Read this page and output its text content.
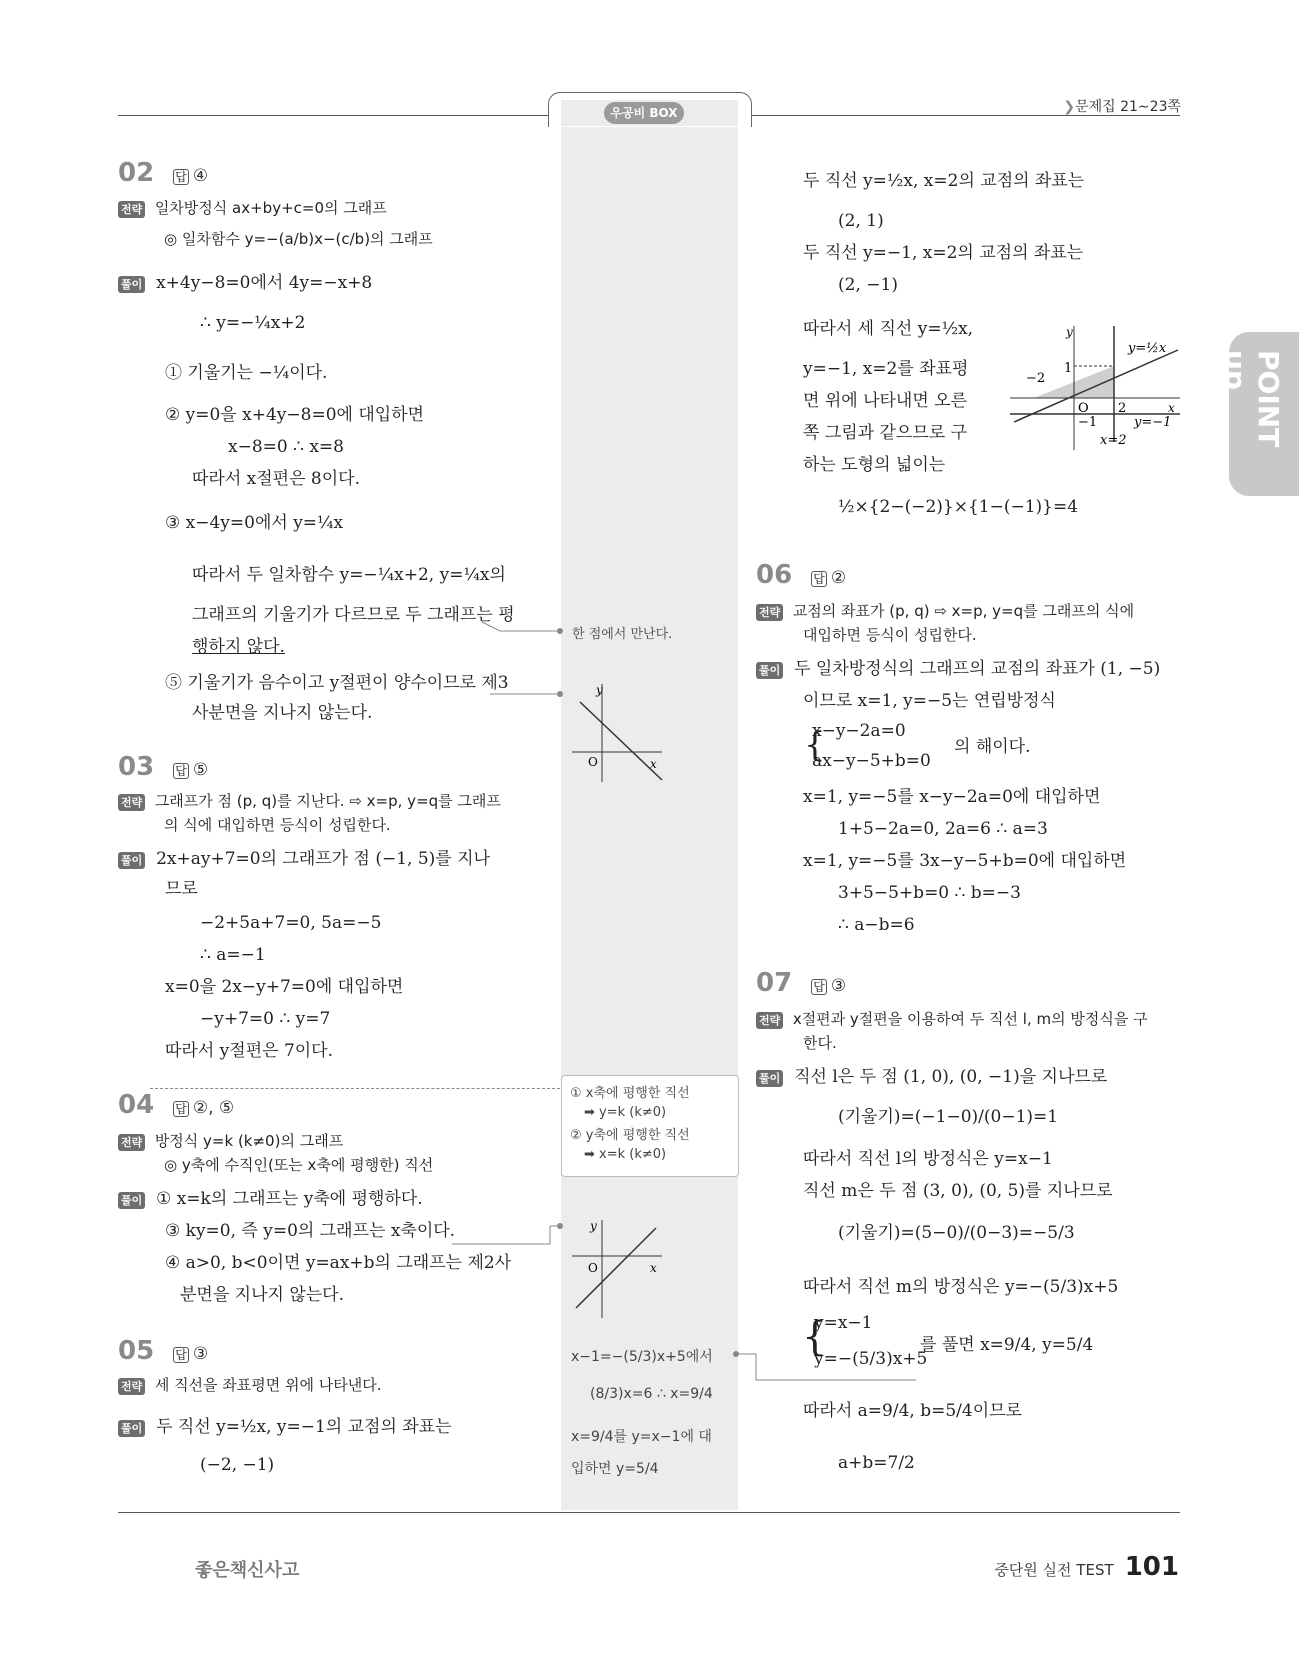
우공비 BOX	❯문제집 21∼23쪽
POINT up
02 답 ④
전략 일차방정식 ax+by+c=0의 그래프
◎ 일차함수 y=−(a/b)x−(c/b)의 그래프
풀이 x+4y−8=0에서 4y=−x+8
∴ y=−¼x+2
① 기울기는 −¼이다.
② y=0을 x+4y−8=0에 대입하면
x−8=0 ∴ x=8
따라서 x절편은 8이다.
③ x−4y=0에서 y=¼x
따라서 두 일차함수 y=−¼x+2, y=¼x의
그래프의 기울기가 다르므로 두 그래프는 평
행하지 않다.
⑤ 기울기가 음수이고 y절편이 양수이므로 제3
사분면을 지나지 않는다.
한 점에서 만난다.
y
x
O
03 답 ⑤
전략 그래프가 점 (p, q)를 지난다. ⇨ x=p, y=q를 그래프
의 식에 대입하면 등식이 성립한다.
풀이 2x+ay+7=0의 그래프가 점 (−1, 5)를 지나
므로
−2+5a+7=0, 5a=−5
∴ a=−1
x=0을 2x−y+7=0에 대입하면
−y+7=0 ∴ y=7
따라서 y절편은 7이다.
04 답 ②, ⑤
전략 방정식 y=k (k≠0)의 그래프
◎ y축에 수직인(또는 x축에 평행한) 직선
풀이 ① x=k의 그래프는 y축에 평행하다.
③ ky=0, 즉 y=0의 그래프는 x축이다.
④ a>0, b<0이면 y=ax+b의 그래프는 제2사
분면을 지나지 않는다.
① x축에 평행한 직선
➡ y=k (k≠0)
② y축에 평행한 직선
➡ x=k (k≠0)
y
x
O
05 답 ③
전략 세 직선을 좌표평면 위에 나타낸다.
풀이 두 직선 y=½x, y=−1의 교점의 좌표는
(−2, −1)
두 직선 y=½x, x=2의 교점의 좌표는
(2, 1)
두 직선 y=−1, x=2의 교점의 좌표는
(2, −1)
따라서 세 직선 y=½x,
y=−1, x=2를 좌표평
면 위에 나타내면 오른
쪽 그림과 같으므로 구
하는 도형의 넓이는
½×{2−(−2)}×{1−(−1)}=4
y
x
O 2
−2
1
−1
y=½x
y=−1
x=2
06 답 ②
전략 교점의 좌표가 (p, q) ⇨ x=p, y=q를 그래프의 식에
대입하면 등식이 성립한다.
풀이 두 일차방정식의 그래프의 교점의 좌표가 (1, −5)
이므로 x=1, y=−5는 연립방정식
x−y−2a=0
ax−y−5+b=0
{	의 해이다.
x=1, y=−5를 x−y−2a=0에 대입하면
1+5−2a=0, 2a=6 ∴ a=3
x=1, y=−5를 3x−y−5+b=0에 대입하면
3+5−5+b=0 ∴ b=−3
∴ a−b=6
07 답 ③
전략 x절편과 y절편을 이용하여 두 직선 l, m의 방정식을 구
한다.
풀이 직선 l은 두 점 (1, 0), (0, −1)을 지나므로
(기울기)=(−1−0)/(0−1)=1
따라서 직선 l의 방정식은 y=x−1
직선 m은 두 점 (3, 0), (0, 5)를 지나므로
(기울기)=(5−0)/(0−3)=−5/3
따라서 직선 m의 방정식은 y=−(5/3)x+5
{
y=x−1
y=−(5/3)x+5
를 풀면 x=9/4, y=5/4
따라서 a=9/4, b=5/4이므로
a+b=7/2
x−1=−(5/3)x+5에서
(8/3)x=6 ∴ x=9/4
x=9/4를 y=x−1에 대
입하면 y=5/4
좋은책신사고	중단원 실전 TEST 101
